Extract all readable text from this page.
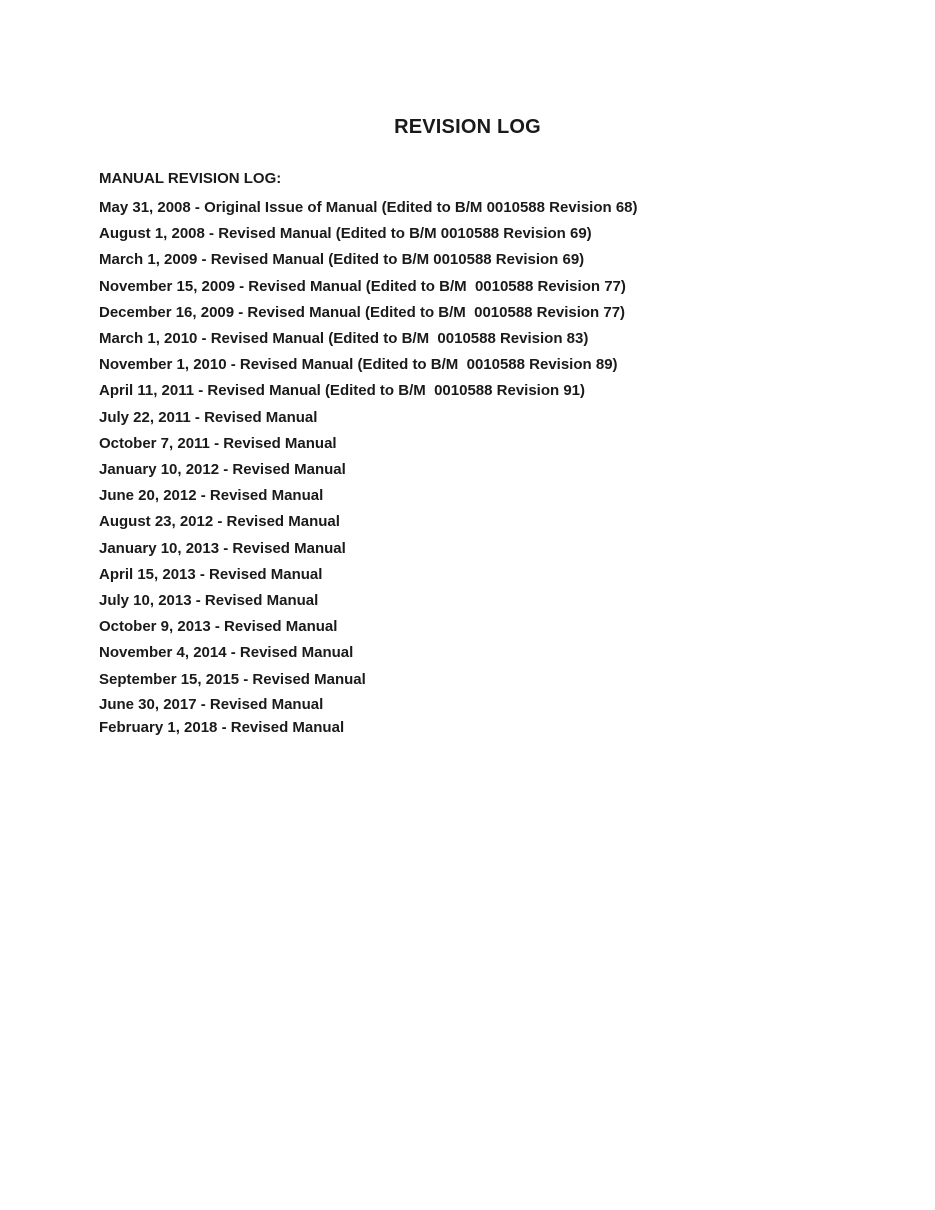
REVISION LOG
MANUAL REVISION LOG:
May 31, 2008 - Original Issue of Manual (Edited to B/M 0010588 Revision 68)
August 1, 2008 - Revised Manual (Edited to B/M 0010588 Revision 69)
March 1, 2009 - Revised Manual (Edited to B/M 0010588 Revision 69)
November 15, 2009 - Revised Manual (Edited to B/M  0010588 Revision 77)
December 16, 2009 - Revised Manual (Edited to B/M  0010588 Revision 77)
March 1, 2010 - Revised Manual (Edited to B/M  0010588 Revision 83)
November 1, 2010 - Revised Manual (Edited to B/M  0010588 Revision 89)
April 11, 2011 - Revised Manual (Edited to B/M  0010588 Revision 91)
July 22, 2011 - Revised Manual
October 7, 2011 - Revised Manual
January 10, 2012 - Revised Manual
June 20, 2012 - Revised Manual
August 23, 2012 - Revised Manual
January 10, 2013 - Revised Manual
April 15, 2013 - Revised Manual
July 10, 2013 - Revised Manual
October 9, 2013 - Revised Manual
November 4, 2014 - Revised Manual
September 15, 2015 - Revised Manual
June 30, 2017 - Revised Manual
February 1, 2018 - Revised Manual
